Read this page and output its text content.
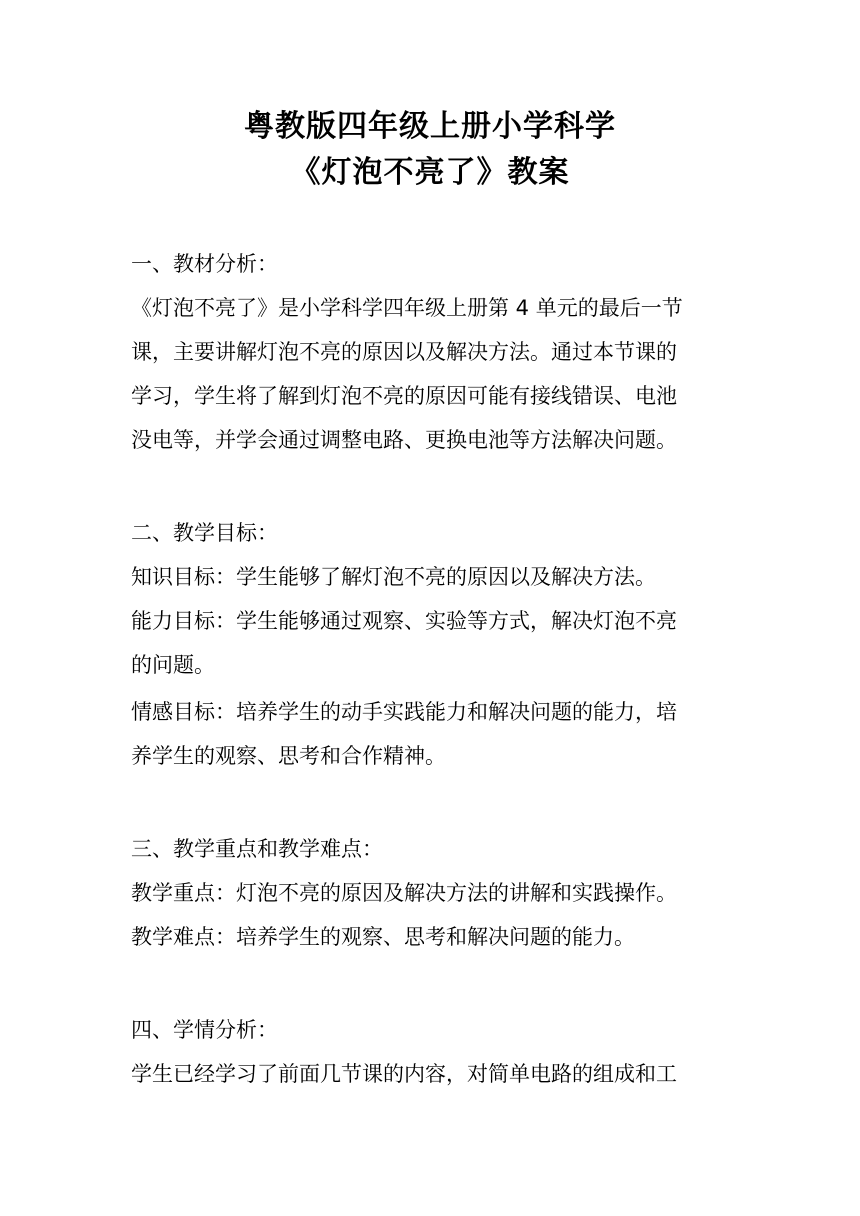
粤教版四年级上册小学科学
《灯泡不亮了》教案
一、教材分析：
《灯泡不亮了》是小学科学四年级上册第 4 单元的最后一节
课，主要讲解灯泡不亮的原因以及解决方法。通过本节课的
学习，学生将了解到灯泡不亮的原因可能有接线错误、电池
没电等，并学会通过调整电路、更换电池等方法解决问题。
二、教学目标：
知识目标：学生能够了解灯泡不亮的原因以及解决方法。
能力目标：学生能够通过观察、实验等方式，解决灯泡不亮
的问题。
情感目标：培养学生的动手实践能力和解决问题的能力，培
养学生的观察、思考和合作精神。
三、教学重点和教学难点：
教学重点：灯泡不亮的原因及解决方法的讲解和实践操作。
教学难点：培养学生的观察、思考和解决问题的能力。
四、学情分析：
学生已经学习了前面几节课的内容，对简单电路的组成和工
